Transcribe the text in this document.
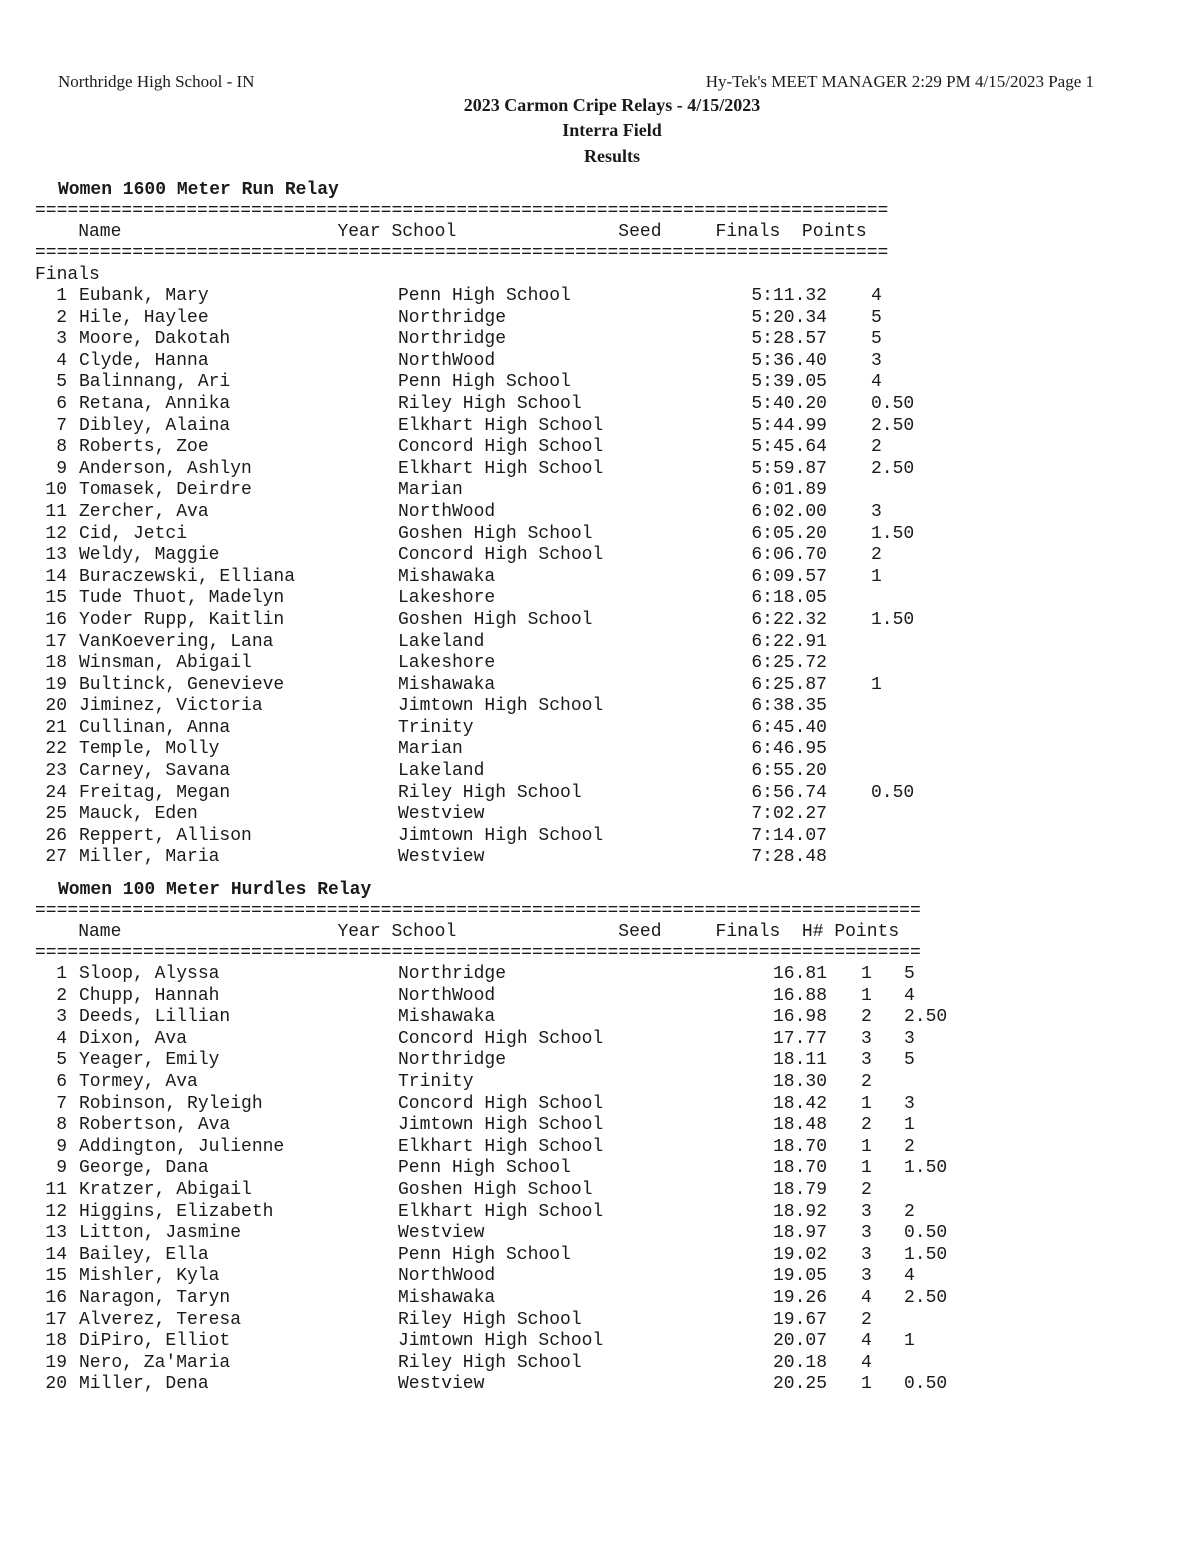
Northridge High School - IN	Hy-Tek's MEET MANAGER 2:29 PM 4/15/2023 Page 1
2023 Carmon Cripe Relays - 4/15/2023
Interra Field
Results
Women 1600 Meter Run Relay
===============================================================================
Name                    Year School               Seed     Finals  Points
===============================================================================
Finals
1 Eubank, Mary	Penn High School	5:11.32 4
2 Hile, Haylee	Northridge	5:20.34 5
3 Moore, Dakotah	Northridge	5:28.57 5
4 Clyde, Hanna	NorthWood	5:36.40 3
5 Balinnang, Ari	Penn High School	5:39.05 4
6 Retana, Annika	Riley High School	5:40.20 0.50
7 Dibley, Alaina	Elkhart High School	5:44.99 2.50
8 Roberts, Zoe	Concord High School	5:45.64 2
9 Anderson, Ashlyn	Elkhart High School	5:59.87 2.50
10 Tomasek, Deirdre	Marian	6:01.89
11 Zercher, Ava	NorthWood	6:02.00 3
12 Cid, Jetci	Goshen High School	6:05.20 1.50
13 Weldy, Maggie	Concord High School	6:06.70 2
14 Buraczewski, Elliana	Mishawaka	6:09.57 1
15 Tude Thuot, Madelyn	Lakeshore	6:18.05
16 Yoder Rupp, Kaitlin	Goshen High School	6:22.32 1.50
17 VanKoevering, Lana	Lakeland	6:22.91
18 Winsman, Abigail	Lakeshore	6:25.72
19 Bultinck, Genevieve	Mishawaka	6:25.87 1
20 Jiminez, Victoria	Jimtown High School	6:38.35
21 Cullinan, Anna	Trinity	6:45.40
22 Temple, Molly	Marian	6:46.95
23 Carney, Savana	Lakeland	6:55.20
24 Freitag, Megan	Riley High School	6:56.74 0.50
25 Mauck, Eden	Westview	7:02.27
26 Reppert, Allison	Jimtown High School	7:14.07
27 Miller, Maria	Westview	7:28.48
Women 100 Meter Hurdles Relay
==================================================================================
Name                    Year School               Seed     Finals  H# Points
==================================================================================
1 Sloop, Alyssa	Northridge	16.81 1 5
2 Chupp, Hannah	NorthWood	16.88 1 4
3 Deeds, Lillian	Mishawaka	16.98 2 2.50
4 Dixon, Ava	Concord High School	17.77 3 3
5 Yeager, Emily	Northridge	18.11 3 5
6 Tormey, Ava	Trinity	18.30 2
7 Robinson, Ryleigh	Concord High School	18.42 1 3
8 Robertson, Ava	Jimtown High School	18.48 2 1
9 Addington, Julienne	Elkhart High School	18.70 1 2
9 George, Dana	Penn High School	18.70 1 1.50
11 Kratzer, Abigail	Goshen High School	18.79 2
12 Higgins, Elizabeth	Elkhart High School	18.92 3 2
13 Litton, Jasmine	Westview	18.97 3 0.50
14 Bailey, Ella	Penn High School	19.02 3 1.50
15 Mishler, Kyla	NorthWood	19.05 3 4
16 Naragon, Taryn	Mishawaka	19.26 4 2.50
17 Alverez, Teresa	Riley High School	19.67 2
18 DiPiro, Elliot	Jimtown High School	20.07 4 1
19 Nero, Za'Maria	Riley High School	20.18 4
20 Miller, Dena	Westview	20.25 1 0.50
